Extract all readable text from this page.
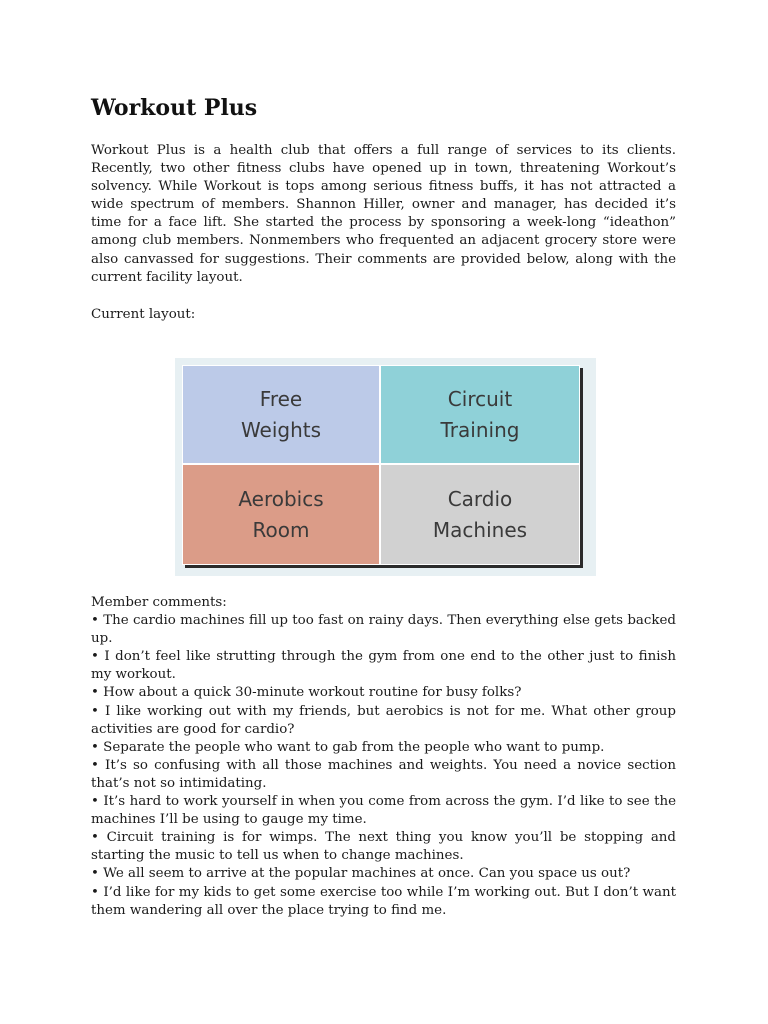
Workout Plus

Workout Plus is a health club that offers a full range of services to its clients. Recently, two other fitness clubs have opened up in town, threatening Workout’s solvency. While Workout is tops among serious fitness buffs, it has not attracted a wide spectrum of members. Shannon Hiller, owner and manager, has decided it’s time for a face lift. She started the process by sponsoring a week-long “ideathon” among club members. Nonmembers who frequented an adjacent grocery store were also canvassed for suggestions. Their comments are provided below, along with the current facility layout.

Current layout:

Free
Weights
Circuit
Training
Aerobics
Room
Cardio
Machines
Member comments:
• The cardio machines fill up too fast on rainy days. Then everything else gets backed up.
• I don’t feel like strutting through the gym from one end to the other just to finish my workout.
• How about a quick 30-minute workout routine for busy folks?
• I like working out with my friends, but aerobics is not for me. What other group activities are good for cardio?
• Separate the people who want to gab from the people who want to pump.
• It’s so confusing with all those machines and weights. You need a novice section that’s not so intimidating.
• It’s hard to work yourself in when you come from across the gym. I’d like to see the machines I’ll be using to gauge my time.
• Circuit training is for wimps. The next thing you know you’ll be stopping and starting the music to tell us when to change machines.
• We all seem to arrive at the popular machines at once. Can you space us out?
• I’d like for my kids to get some exercise too while I’m working out. But I don’t want them wandering all over the place trying to find me.
